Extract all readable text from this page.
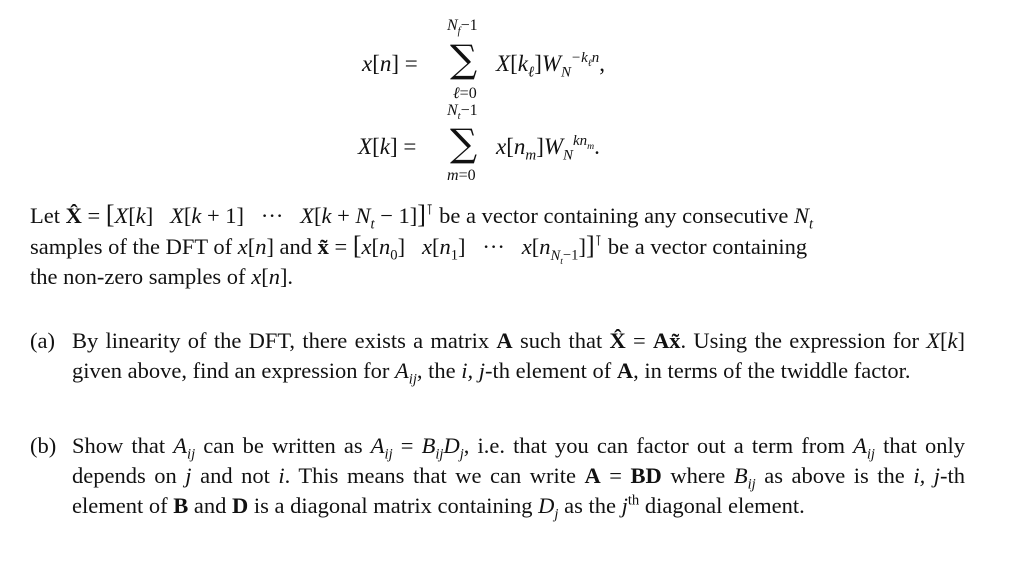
x[n] =
$N_f-1$
∑
ℓ=0
$X[k_\ell]W_N^{-k_\ell n}$,
X[k] =
$N_t-1$
∑
m=0
$x[n_m]W_N^{kn_m}$.
Let X̂ = [X[k]   X[k + 1]   ···   $X[k + N_t - 1]]^⊺$ be a vector containing any consecutive $N_t$
samples of the DFT of x[n] and x̃ = [$x[n_0]$   $x[n_1]$   ···   $x[n_{N_t-1}]]^⊺$ be a vector containing
the non-zero samples of x[n].
(a) By linearity of the DFT, there exists a matrix A such that X̂ = Ax̃. Using the expression for X[k] given above, find an expression for $A_{ij}$, the i, j-th element of A, in terms of the twiddle factor.
(b) Show that $A_{ij}$ can be written as $A_{ij} = B_{ij}D_j$, i.e. that you can factor out a term from $A_{ij}$ that only depends on j and not i. This means that we can write A = BD where $B_{ij}$ as above is the i, j-th element of B and D is a diagonal matrix containing $D_j$ as the $j^{th}$ diagonal element.
